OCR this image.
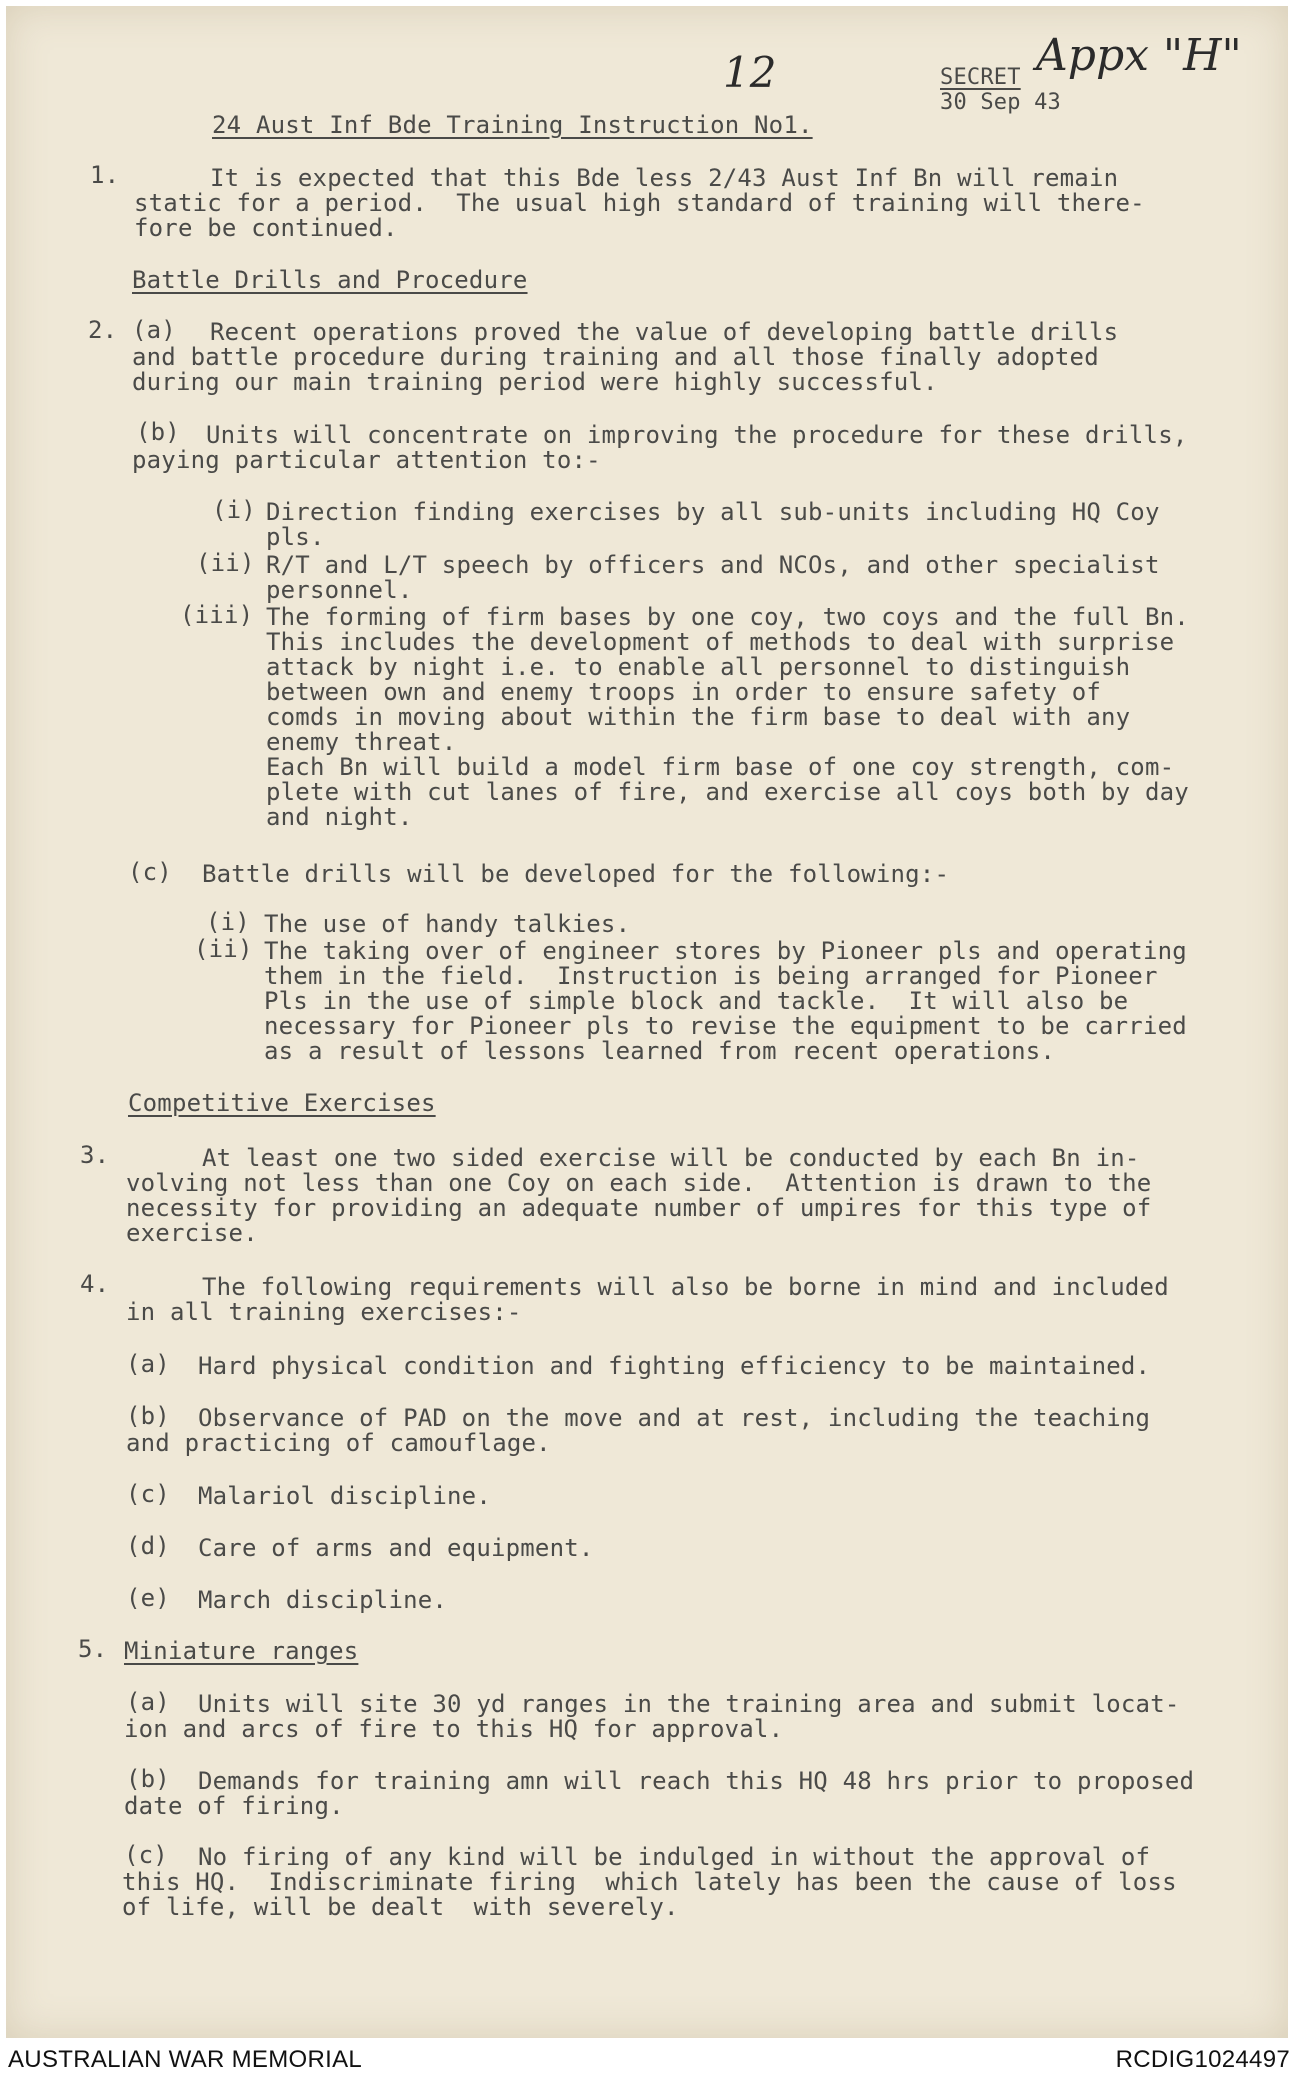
12	Appx "H"
SECRET
30 Sep 43
24 Aust Inf Bde Training Instruction No1.
1.	It is expected that this Bde less 2/43 Aust Inf Bn will remain
static for a period.  The usual high standard of training will there-
fore be continued.
Battle Drills and Procedure
2. (a) Recent operations proved the value of developing battle drills
and battle procedure during training and all those finally adopted
during our main training period were highly successful.
(b) Units will concentrate on improving the procedure for these drills,
paying particular attention to:-
(i) Direction finding exercises by all sub-units including HQ Coy
pls.
(ii) R/T and L/T speech by officers and NCOs, and other specialist
personnel.
(iii) The forming of firm bases by one coy, two coys and the full Bn.
This includes the development of methods to deal with surprise
attack by night i.e. to enable all personnel to distinguish
between own and enemy troops in order to ensure safety of
comds in moving about within the firm base to deal with any
enemy threat.
Each Bn will build a model firm base of one coy strength, com-
plete with cut lanes of fire, and exercise all coys both by day
and night.
(c) Battle drills will be developed for the following:-
(i) The use of handy talkies.
(ii) The taking over of engineer stores by Pioneer pls and operating
them in the field.  Instruction is being arranged for Pioneer
Pls in the use of simple block and tackle.  It will also be
necessary for Pioneer pls to revise the equipment to be carried
as a result of lessons learned from recent operations.
Competitive Exercises
3.	At least one two sided exercise will be conducted by each Bn in-
volving not less than one Coy on each side.  Attention is drawn to the
necessity for providing an adequate number of umpires for this type of
exercise.
4.	The following requirements will also be borne in mind and included
in all training exercises:-
(a) Hard physical condition and fighting efficiency to be maintained.
(b) Observance of PAD on the move and at rest, including the teaching
and practicing of camouflage.
(c) Malariol discipline.
(d) Care of arms and equipment.
(e) March discipline.
5. Miniature ranges
(a) Units will site 30 yd ranges in the training area and submit locat-
ion and arcs of fire to this HQ for approval.
(b) Demands for training amn will reach this HQ 48 hrs prior to proposed
date of firing.
(c) No firing of any kind will be indulged in without the approval of
this HQ.  Indiscriminate firing  which lately has been the cause of loss
of life, will be dealt  with severely.
AUSTRALIAN WAR MEMORIAL	RCDIG1024497
